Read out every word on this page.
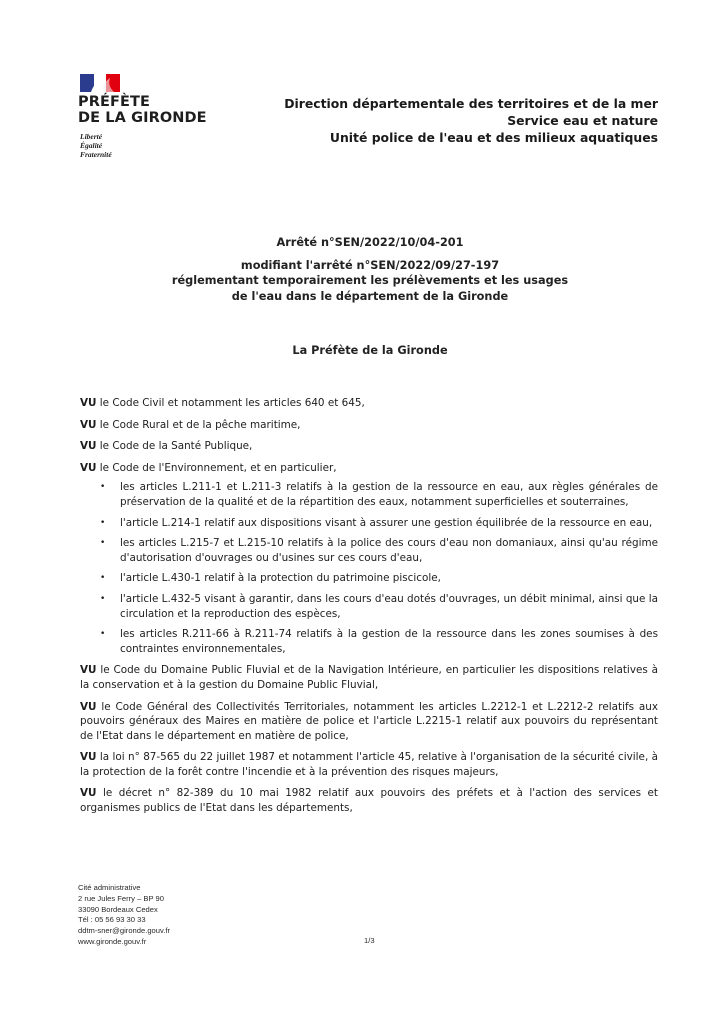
PRÉFÈTE
DE LA GIRONDE
Liberté
Égalité
Fraternité
Direction départementale des territoires et de la mer
Service eau et nature
Unité police de l'eau et des milieux aquatiques
Arrêté n°SEN/2022/10/04-201
modifiant l'arrêté n°SEN/2022/09/27-197
réglementant temporairement les prélèvements et les usages
de l'eau dans le département de la Gironde
La Préfète de la Gironde

VU le Code Civil et notamment les articles 640 et 645,

VU le Code Rural et de la pêche maritime,

VU le Code de la Santé Publique,

VU le Code de l'Environnement, et en particulier,

• les articles L.211-1 et L.211-3 relatifs à la gestion de la ressource en eau, aux règles générales de préservation de la qualité et de la répartition des eaux, notamment superficielles et souterraines,
• l'article L.214-1 relatif aux dispositions visant à assurer une gestion équilibrée de la ressource en eau,
• les articles L.215-7 et L.215-10 relatifs à la police des cours d'eau non domaniaux, ainsi qu'au régime d'autorisation d'ouvrages ou d'usines sur ces cours d'eau,
• l'article L.430-1 relatif à la protection du patrimoine piscicole,
• l'article L.432-5 visant à garantir, dans les cours d'eau dotés d'ouvrages, un débit minimal, ainsi que la circulation et la reproduction des espèces,
• les articles R.211-66 à R.211-74 relatifs à la gestion de la ressource dans les zones soumises à des contraintes environnementales,

VU le Code du Domaine Public Fluvial et de la Navigation Intérieure, en particulier les dispositions relatives à la conservation et à la gestion du Domaine Public Fluvial,

VU le Code Général des Collectivités Territoriales, notamment les articles L.2212-1 et L.2212-2 relatifs aux pouvoirs généraux des Maires en matière de police et l'article L.2215-1 relatif aux pouvoirs du représentant de l'Etat dans le département en matière de police,

VU la loi n° 87-565 du 22 juillet 1987 et notamment l'article 45, relative à l'organisation de la sécurité civile, à la protection de la forêt contre l'incendie et à la prévention des risques majeurs,

VU le décret n° 82-389 du 10 mai 1982 relatif aux pouvoirs des préfets et à l'action des services et organismes publics de l'Etat dans les départements,

Cité administrative
2 rue Jules Ferry – BP 90
33090 Bordeaux Cedex
Tél : 05 56 93 30 33
ddtm-sner@gironde.gouv.fr
www.gironde.gouv.fr	1/3
